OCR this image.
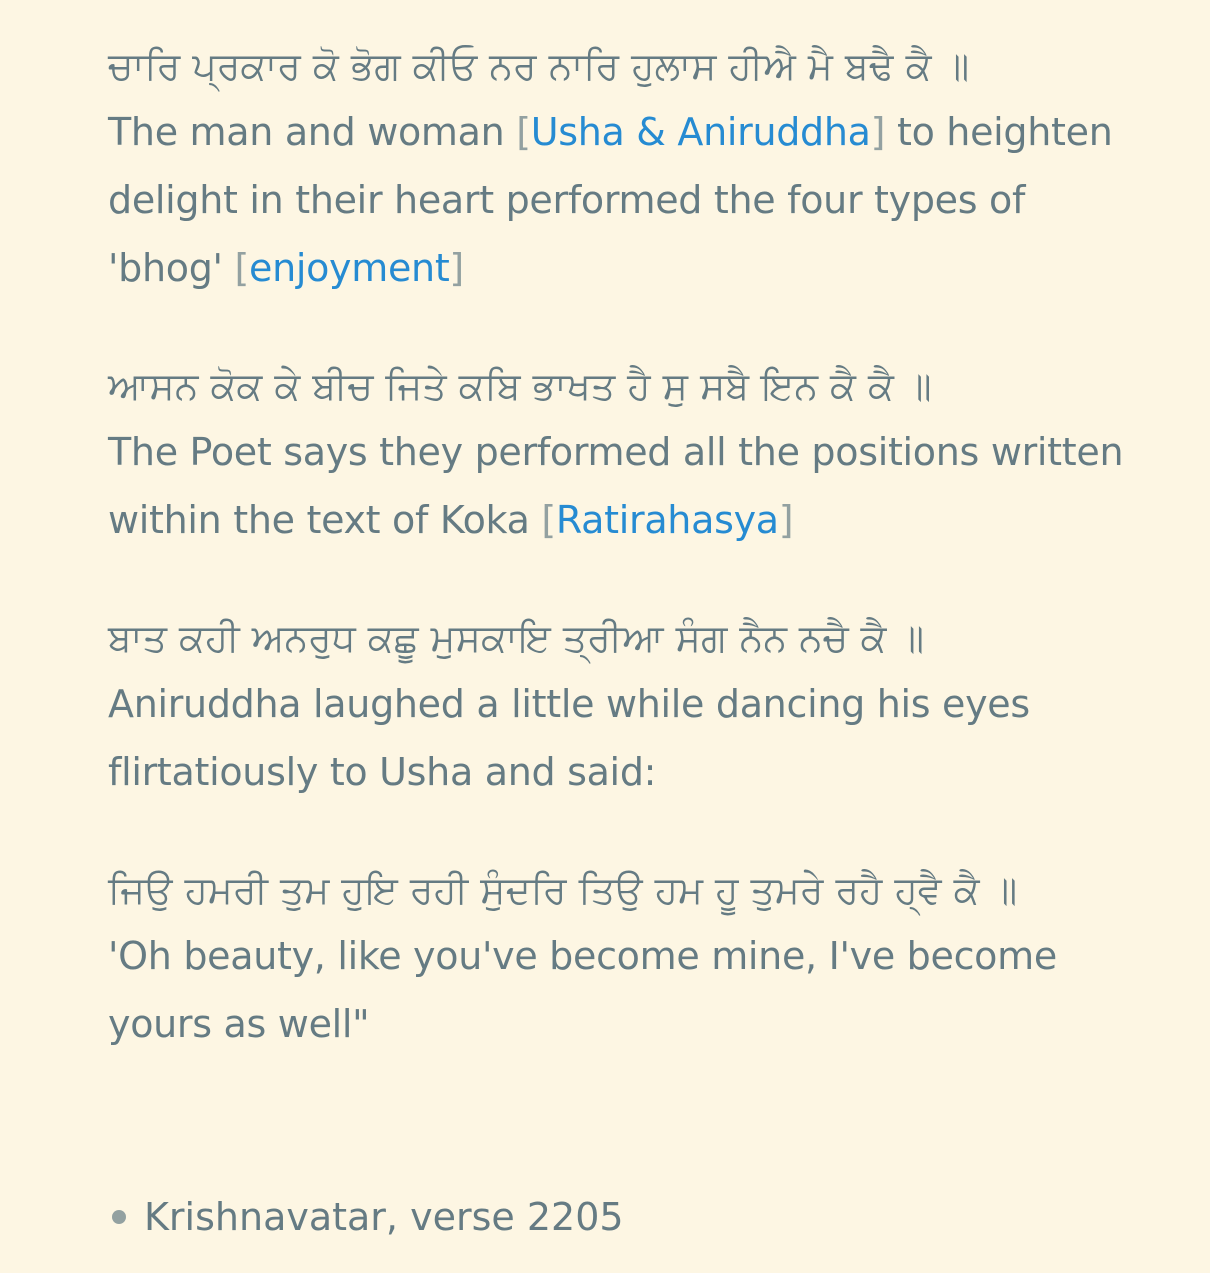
ਚਾਰਿ ਪ੍ਰਕਾਰ ਕੋ ਭੋਗ ਕੀਓ ਨਰ ਨਾਰਿ ਹੁਲਾਸ ਹੀਐ ਮੈ ਬਢੈ ਕੈ ॥
The man and woman [Usha & Aniruddha] to heighten delight in their heart performed the four types of 'bhog' [enjoyment]
ਆਸਨ ਕੋਕ ਕੇ ਬੀਚ ਜਿਤੇ ਕਬਿ ਭਾਖਤ ਹੈ ਸੁ ਸਬੈ ਇਨ ਕੈ ਕੈ ॥
The Poet says they performed all the positions written within the text of Koka [Ratirahasya]
ਬਾਤ ਕਹੀ ਅਨਰੁਧ ਕਛੂ ਮੁਸਕਾਇ ਤ੍ਰੀਆ ਸੰਗ ਨੈਨ ਨਚੈ ਕੈ ॥
Aniruddha laughed a little while dancing his eyes flirtatiously to Usha and said:
ਜਿਉ ਹਮਰੀ ਤੁਮ ਹੁਇ ਰਹੀ ਸੁੰਦਰਿ ਤਿਉ ਹਮ ਹੂ ਤੁਮਰੇ ਰਹੈ ਹ੍ਵੈ ਕੈ ॥
'Oh beauty, like you've become mine, I've become yours as well"
Krishnavatar, verse 2205
